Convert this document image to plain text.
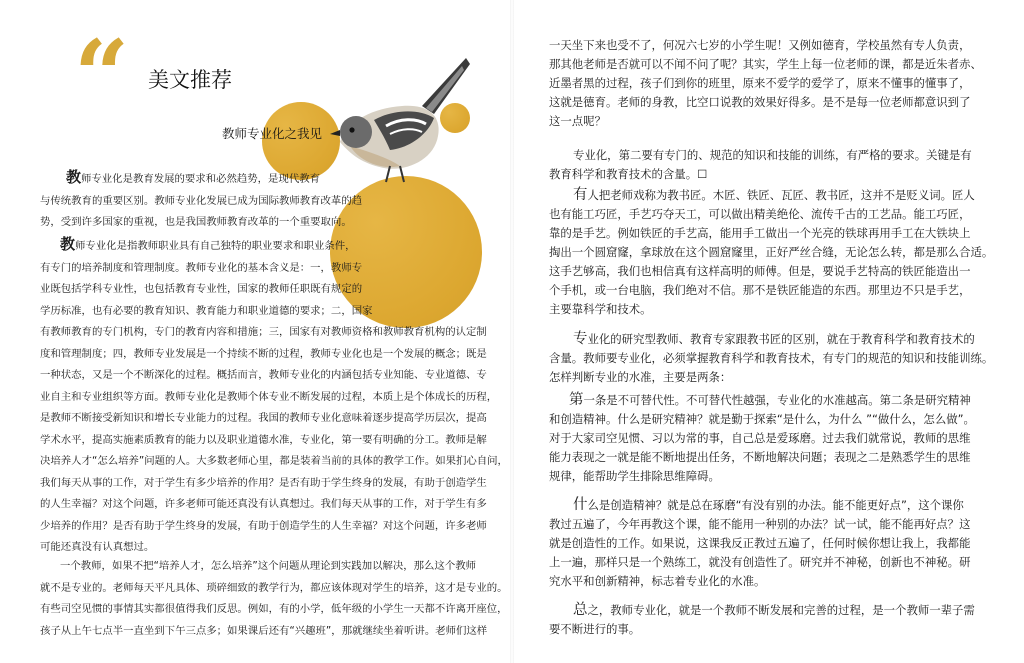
“ 美文推荐
教师专业化之我见

教师专业化是教育发展的要求和必然趋势，是现代教育
与传统教育的重要区别。教师专业化发展已成为国际教师教育改革的趋
势，受到许多国家的重视，也是我国教师教育改革的一个重要取向。

教师专业化是指教师职业具有自己独特的职业要求和职业条件，
有专门的培养制度和管理制度。教师专业化的基本含义是：一，教师专
业既包括学科专业性，也包括教育专业性，国家的教师任职既有规定的
学历标准，也有必要的教育知识、教育能力和职业道德的要求；二，国家
有教师教育的专门机构，专门的教育内容和措施；三，国家有对教师资格和教师教育机构的认定制
度和管理制度；四，教师专业发展是一个持续不断的过程，教师专业化也是一个发展的概念；既是
一种状态，又是一个不断深化的过程。概括而言，教师专业化的内涵包括专业知能、专业道德、专
业自主和专业组织等方面。教师专业化是教师个体专业不断发展的过程，本质上是个体成长的历程，
是教师不断接受新知识和增长专业能力的过程。我国的教师专业化意味着逐步提高学历层次，提高
学术水平，提高实施素质教育的能力以及职业道德水准，专业化，第一要有明确的分工。教师是解
决培养人才“怎么培养”问题的人。大多数老师心里，都是装着当前的具体的教学工作。如果扪心自问，
我们每天从事的工作，对于学生有多少培养的作用？是否有助于学生终身的发展，有助于创造学生
的人生幸福？对这个问题，许多老师可能还真没有认真想过。我们每天从事的工作，对于学生有多
少培养的作用？是否有助于学生终身的发展，有助于创造学生的人生幸福？对这个问题，许多老师
可能还真没有认真想过。

一个教师，如果不把“培养人才，怎么培养”这个问题从理论到实践加以解决，那么这个教师
就不是专业的。老师每天平凡具体、琐碎细致的教学行为，都应该体现对学生的培养，这才是专业的。
有些司空见惯的事情其实都很值得我们反思。例如，有的小学，低年级的小学生一天都不许离开座位，
孩子从上午七点半一直坐到下午三点多；如果课后还有“兴趣班”，那就继续坐着听讲。老师们这样

一天坐下来也受不了，何况六七岁的小学生呢！又例如德育，学校虽然有专人负责，
那其他老师是否就可以不闻不问了呢？其实，学生上每一位老师的课，都是近朱者赤、
近墨者黑的过程，孩子们到你的班里，原来不爱学的爱学了，原来不懂事的懂事了，
这就是德育。老师的身教，比空口说教的效果好得多。是不是每一位老师都意识到了
这一点呢？

专业化，第二要有专门的、规范的知识和技能的训练，有严格的要求。关键是有
教育科学和教育技术的含量。☐

有人把老师戏称为教书匠。木匠、铁匠、瓦匠、教书匠，这并不是贬义词。匠人
也有能工巧匠，手艺巧夺天工，可以做出精美绝伦、流传千古的工艺品。能工巧匠，
靠的是手艺。例如铁匠的手艺高，能用手工做出一个光亮的铁球再用手工在大铁块上
掏出一个圆窟窿，拿球放在这个圆窟窿里，正好严丝合缝，无论怎么转，都是那么合适。
这手艺够高，我们也相信真有这样高明的师傅。但是，要说手艺特高的铁匠能造出一
个手机，或一台电脑，我们绝对不信。那不是铁匠能造的东西。那里边不只是手艺，
主要靠科学和技术。

专业化的研究型教师、教育专家跟教书匠的区别，就在于教育科学和教育技术的
含量。教师要专业化，必须掌握教育科学和教育技术，有专门的规范的知识和技能训练。
怎样判断专业的水准，主要是两条：

第一条是不可替代性。不可替代性越强，专业化的水准越高。第二条是研究精神
和创造精神。什么是研究精神？就是勤于探索“是什么，为什么 ”“做什么，怎么做”。
对于大家司空见惯、习以为常的事，自己总是爱琢磨。过去我们就常说，教师的思维
能力表现之一就是能不断地提出任务，不断地解决问题；表现之二是熟悉学生的思维
规律，能帮助学生排除思维障碍。

什么是创造精神？就是总在琢磨“有没有别的办法。能不能更好点”，这个课你
教过五遍了，今年再教这个课，能不能用一种别的办法？试一试，能不能再好点？这
就是创造性的工作。如果说，这课我反正教过五遍了，任何时候你想让我上，我都能
上一遍，那样只是一个熟练工，就没有创造性了。研究并不神秘，创新也不神秘。研
究水平和创新精神，标志着专业化的水准。

总之，教师专业化，就是一个教师不断发展和完善的过程，是一个教师一辈子需
要不断进行的事。
